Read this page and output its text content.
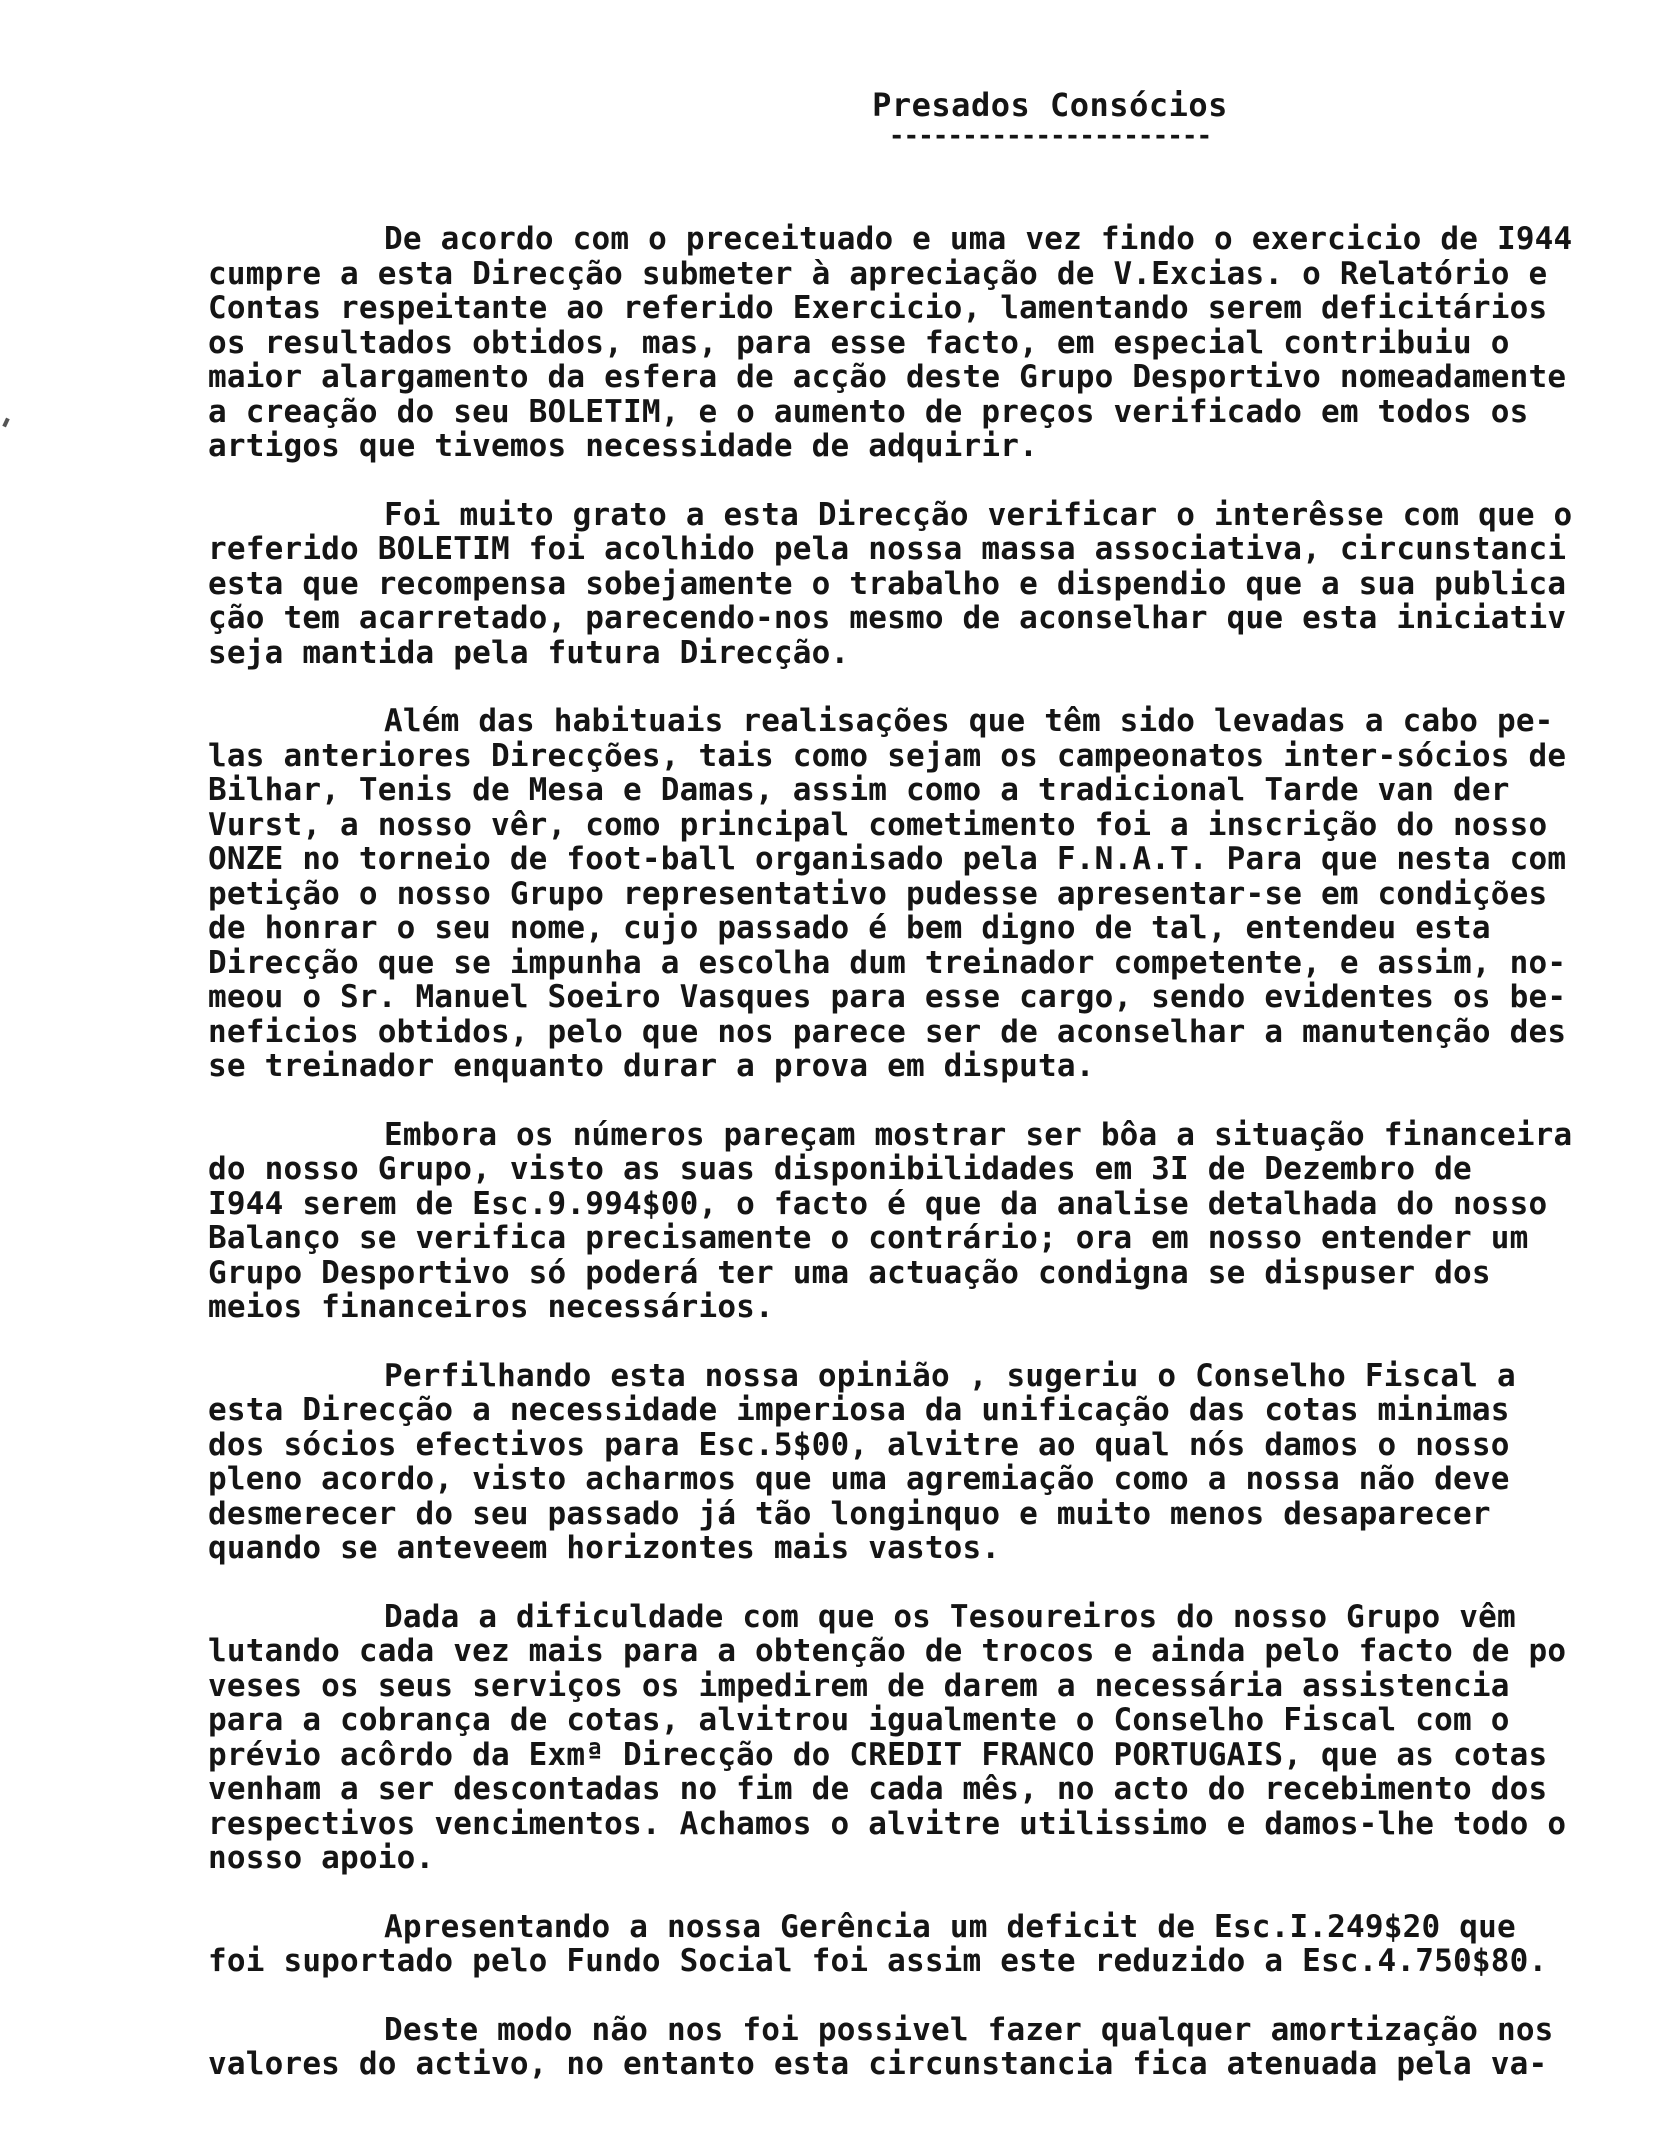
Presados Consócios
----------------------
De acordo com o preceituado e uma vez findo o exercicio de I944
cumpre a esta Direcção submeter à apreciação de V.Excias. o Relatório e
Contas respeitante ao referido Exercicio, lamentando serem deficitários
os resultados obtidos, mas, para esse facto, em especial contribuiu o
maior alargamento da esfera de acção deste Grupo Desportivo nomeadamente
a creação do seu BOLETIM, e o aumento de preços verificado em todos os
artigos que tivemos necessidade de adquirir.
Foi muito grato a esta Direcção verificar o interêsse com que o
referido BOLETIM foi acolhido pela nossa massa associativa, circunstanci
esta que recompensa sobejamente o trabalho e dispendio que a sua publica
ção tem acarretado, parecendo-nos mesmo de aconselhar que esta iniciativ
seja mantida pela futura Direcção.
Além das habituais realisações que têm sido levadas a cabo pe-
las anteriores Direcções, tais como sejam os campeonatos inter-sócios de
Bilhar, Tenis de Mesa e Damas, assim como a tradicional Tarde van der
Vurst, a nosso vêr, como principal cometimento foi a inscrição do nosso
ONZE no torneio de foot-ball organisado pela F.N.A.T. Para que nesta com
petição o nosso Grupo representativo pudesse apresentar-se em condições
de honrar o seu nome, cujo passado é bem digno de tal, entendeu esta
Direcção que se impunha a escolha dum treinador competente, e assim, no-
meou o Sr. Manuel Soeiro Vasques para esse cargo, sendo evidentes os be-
neficios obtidos, pelo que nos parece ser de aconselhar a manutenção des
se treinador enquanto durar a prova em disputa.
Embora os números pareçam mostrar ser bôa a situação financeira
do nosso Grupo, visto as suas disponibilidades em 3I de Dezembro de
I944 serem de Esc.9.994$00, o facto é que da analise detalhada do nosso
Balanço se verifica precisamente o contrário; ora em nosso entender um
Grupo Desportivo só poderá ter uma actuação condigna se dispuser dos
meios financeiros necessários.
Perfilhando esta nossa opinião , sugeriu o Conselho Fiscal a
esta Direcção a necessidade imperiosa da unificação das cotas minimas
dos sócios efectivos para Esc.5$00, alvitre ao qual nós damos o nosso
pleno acordo, visto acharmos que uma agremiação como a nossa não deve
desmerecer do seu passado já tão longinquo e muito menos desaparecer
quando se anteveem horizontes mais vastos.
Dada a dificuldade com que os Tesoureiros do nosso Grupo vêm
lutando cada vez mais para a obtenção de trocos e ainda pelo facto de po
veses os seus serviços os impedirem de darem a necessária assistencia
para a cobrança de cotas, alvitrou igualmente o Conselho Fiscal com o
prévio acôrdo da Exmª Direcção do CREDIT FRANCO PORTUGAIS, que as cotas
venham a ser descontadas no fim de cada mês, no acto do recebimento dos
respectivos vencimentos. Achamos o alvitre utilissimo e damos-lhe todo o
nosso apoio.
Apresentando a nossa Gerência um deficit de Esc.I.249$20 que
foi suportado pelo Fundo Social foi assim este reduzido a Esc.4.750$80.
Deste modo não nos foi possivel fazer qualquer amortização nos
valores do activo, no entanto esta circunstancia fica atenuada pela va-
